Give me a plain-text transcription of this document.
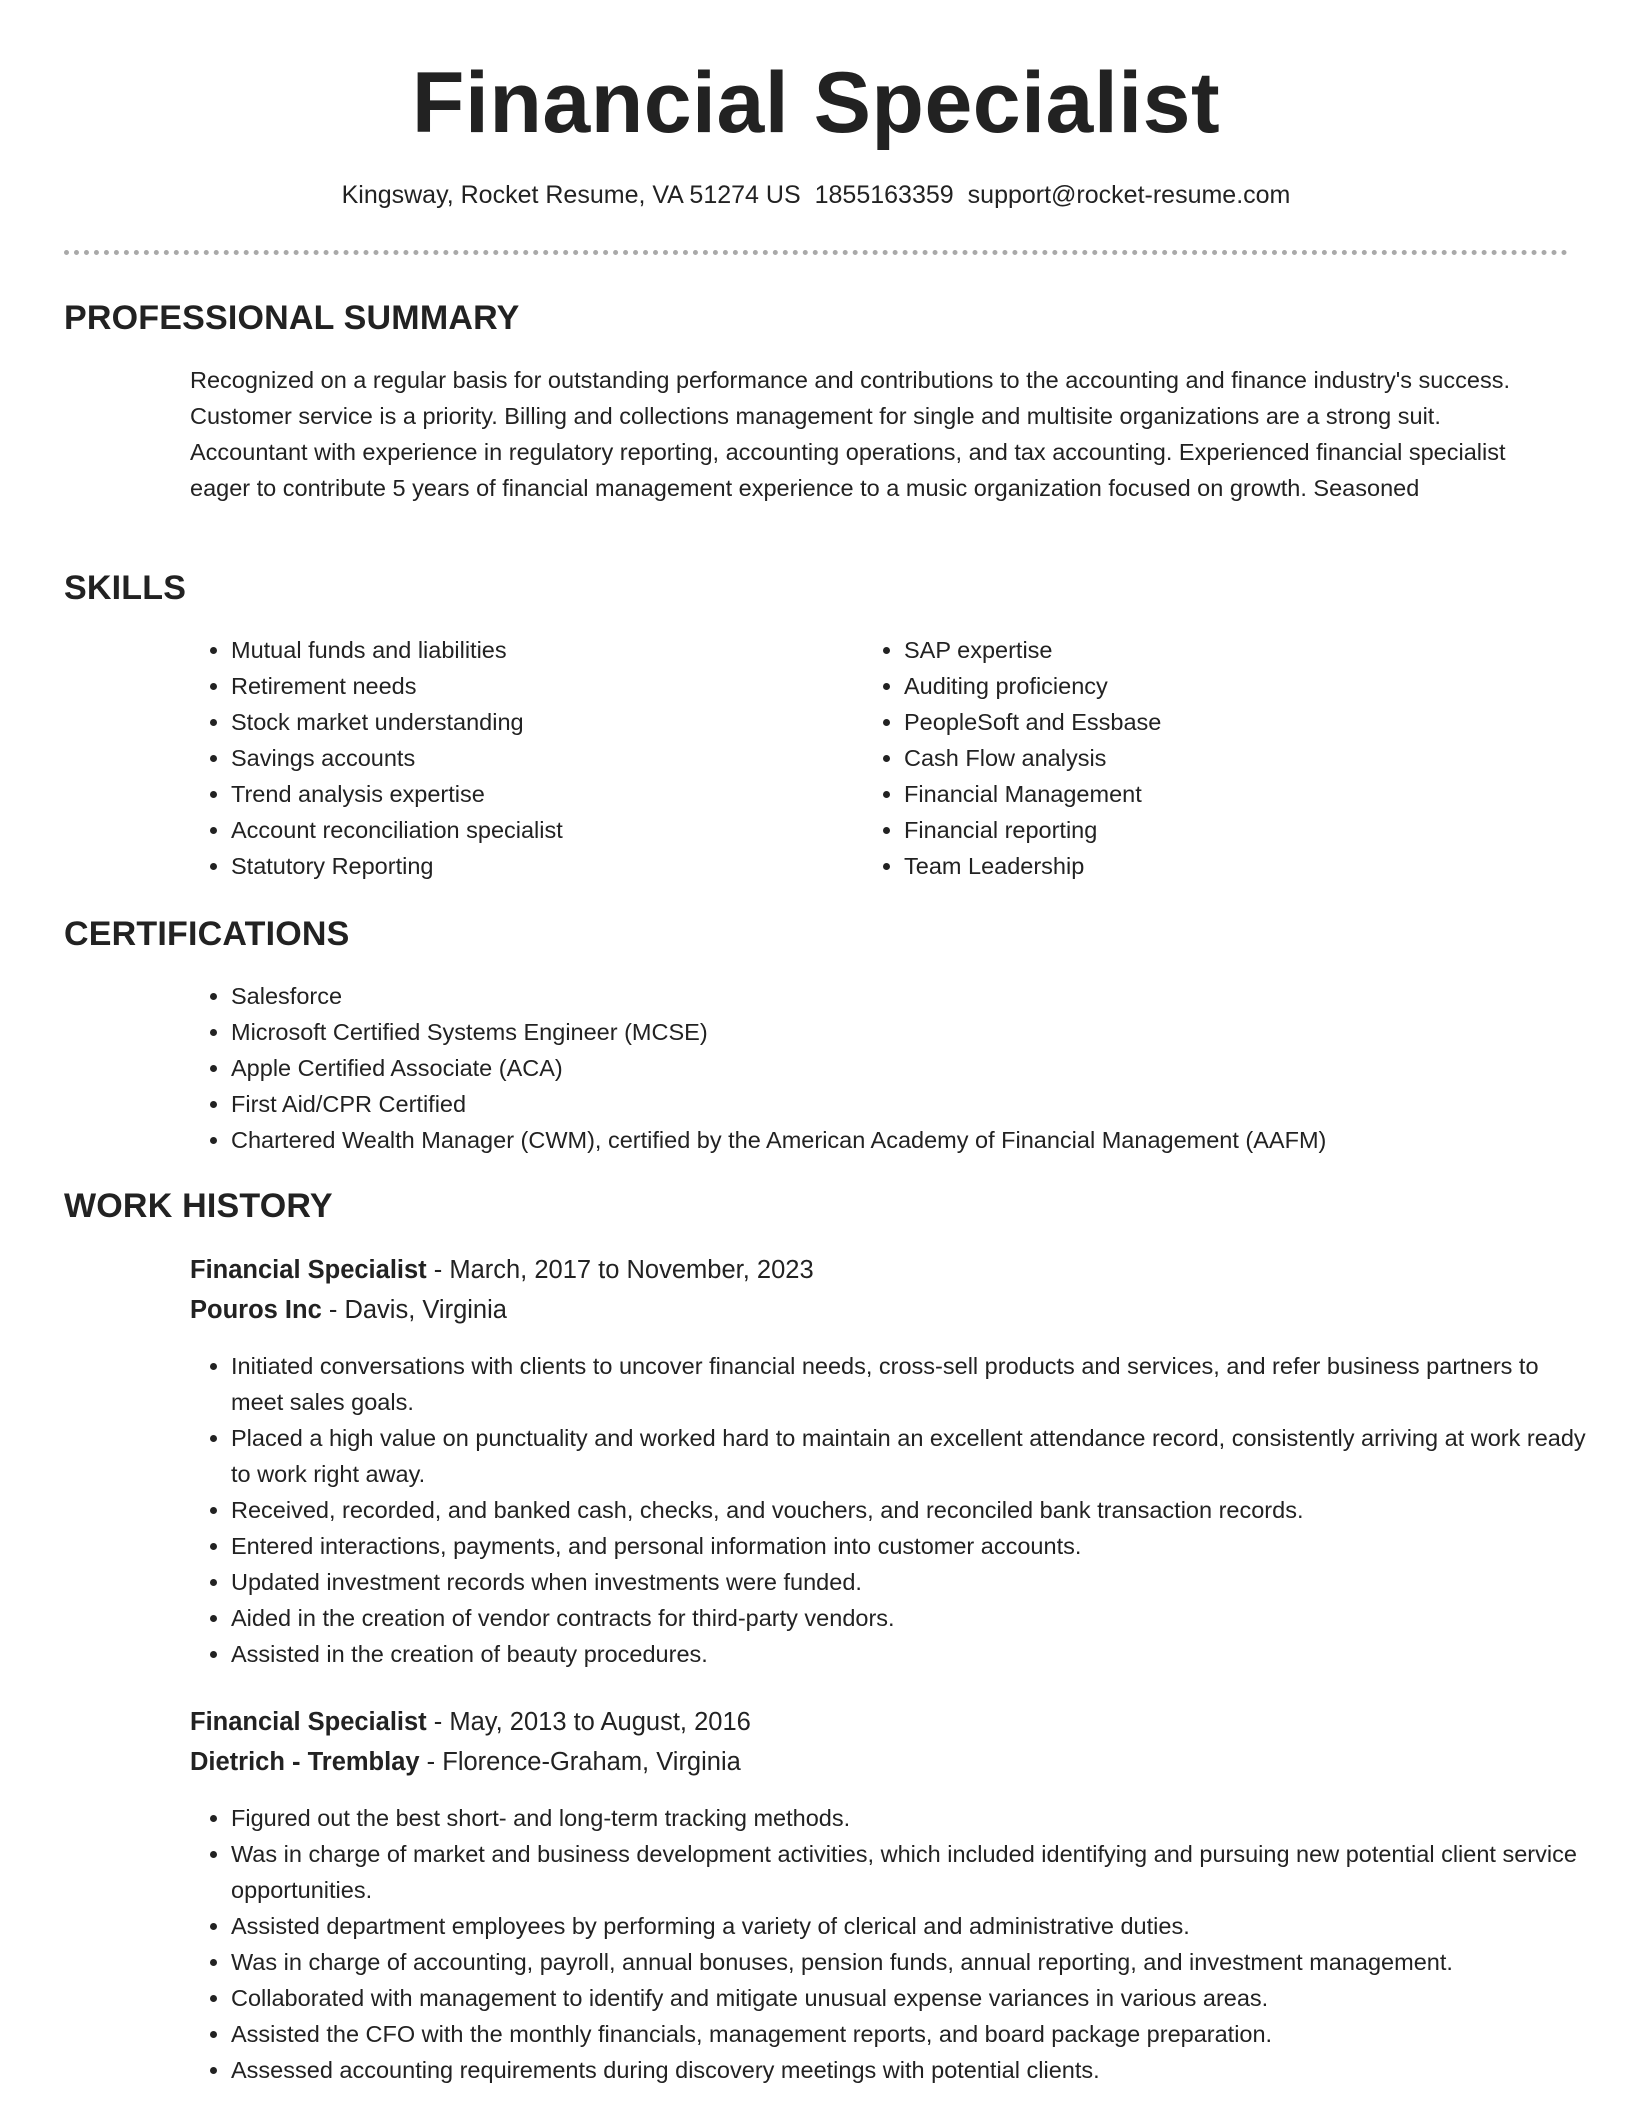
Financial Specialist
Kingsway, Rocket Resume, VA 51274 US 1855163359 support@rocket-resume.com
PROFESSIONAL SUMMARY

Recognized on a regular basis for outstanding performance and contributions to the accounting and finance industry's success. Customer service is a priority. Billing and collections management for single and multisite organizations are a strong suit. Accountant with experience in regulatory reporting, accounting operations, and tax accounting. Experienced financial specialist eager to contribute 5 years of financial management experience to a music organization focused on growth. Seasoned

SKILLS
• Mutual funds and liabilities
• Retirement needs
• Stock market understanding
• Savings accounts
• Trend analysis expertise
• Account reconciliation specialist
• Statutory Reporting
• SAP expertise
• Auditing proficiency
• PeopleSoft and Essbase
• Cash Flow analysis
• Financial Management
• Financial reporting
• Team Leadership
CERTIFICATIONS
• Salesforce
• Microsoft Certified Systems Engineer (MCSE)
• Apple Certified Associate (ACA)
• First Aid/CPR Certified
• Chartered Wealth Manager (CWM), certified by the American Academy of Financial Management (AAFM)
WORK HISTORY
Financial Specialist - March, 2017 to November, 2023
Pouros Inc - Davis, Virginia
• Initiated conversations with clients to uncover financial needs, cross-sell products and services, and refer business partners to meet sales goals.
• Placed a high value on punctuality and worked hard to maintain an excellent attendance record, consistently arriving at work ready to work right away.
• Received, recorded, and banked cash, checks, and vouchers, and reconciled bank transaction records.
• Entered interactions, payments, and personal information into customer accounts.
• Updated investment records when investments were funded.
• Aided in the creation of vendor contracts for third-party vendors.
• Assisted in the creation of beauty procedures.
Financial Specialist - May, 2013 to August, 2016
Dietrich - Tremblay - Florence-Graham, Virginia
• Figured out the best short- and long-term tracking methods.
• Was in charge of market and business development activities, which included identifying and pursuing new potential client service opportunities.
• Assisted department employees by performing a variety of clerical and administrative duties.
• Was in charge of accounting, payroll, annual bonuses, pension funds, annual reporting, and investment management.
• Collaborated with management to identify and mitigate unusual expense variances in various areas.
• Assisted the CFO with the monthly financials, management reports, and board package preparation.
• Assessed accounting requirements during discovery meetings with potential clients.
